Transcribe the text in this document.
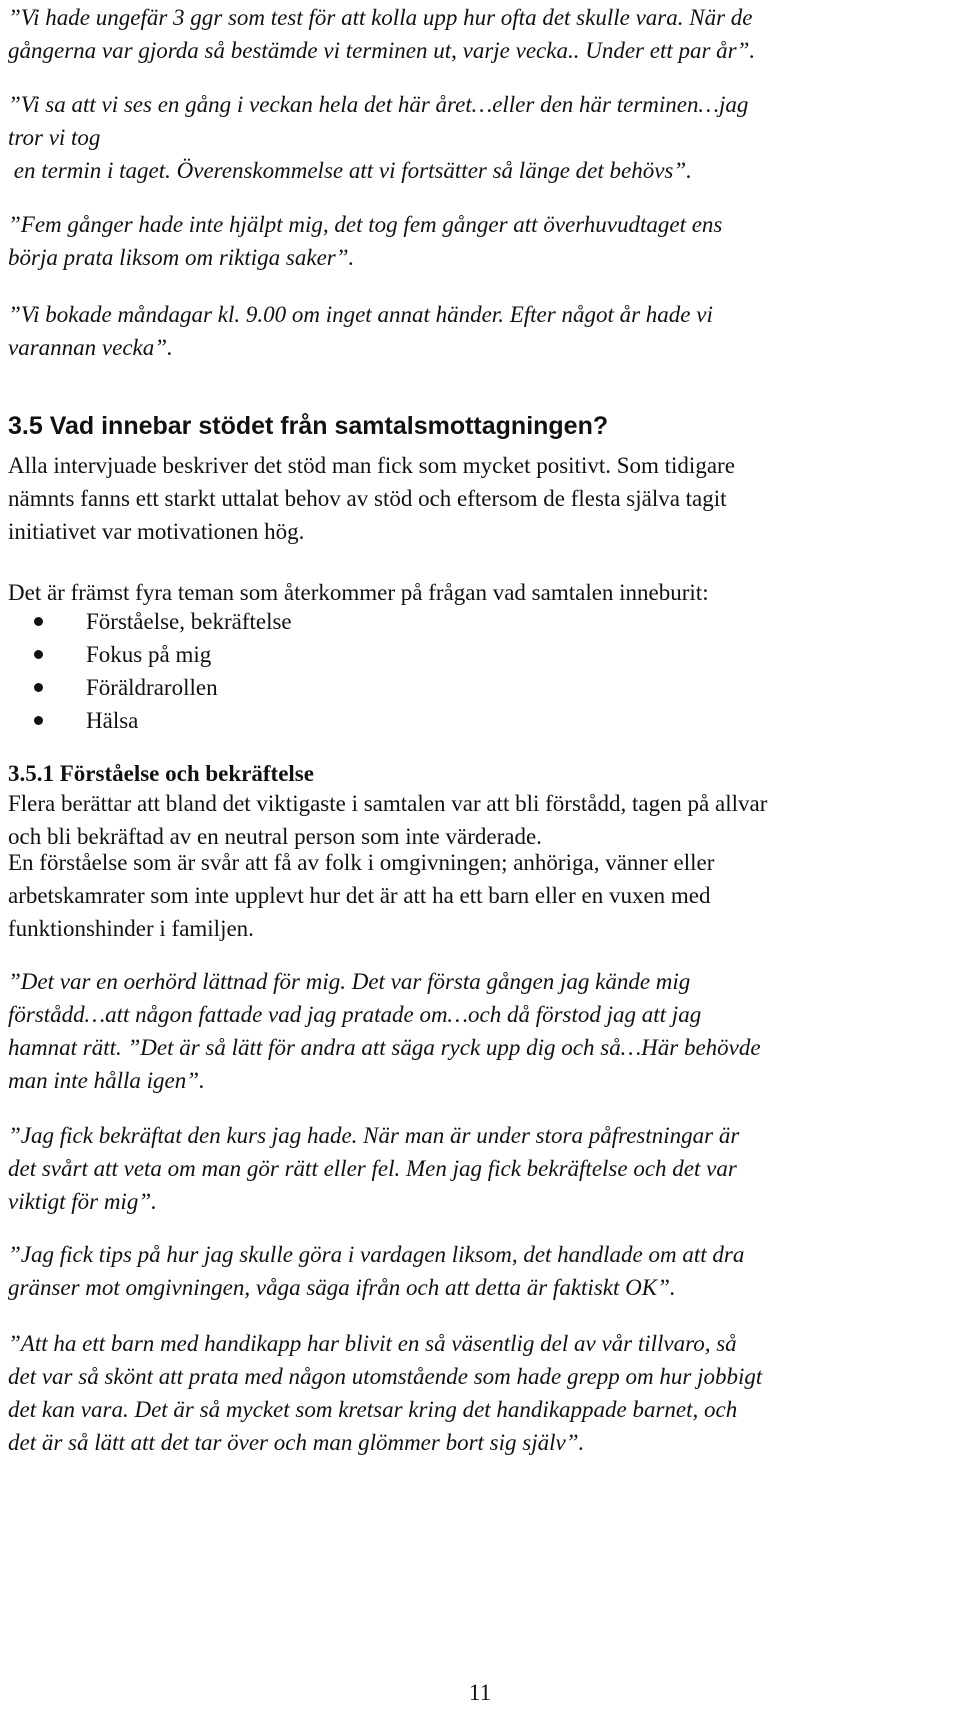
”Vi hade ungefär 3 ggr som test för att kolla upp hur ofta det skulle vara. När de
gångerna var gjorda så bestämde vi terminen ut, varje vecka.. Under ett par år”.

”Vi sa att vi ses en gång i veckan hela det här året…eller den här terminen…jag
tror vi tog
en termin i taget. Överenskommelse att vi fortsätter så länge det behövs”.

”Fem gånger hade inte hjälpt mig, det tog fem gånger att överhuvudtaget ens
börja prata liksom om riktiga saker”.

”Vi bokade måndagar kl. 9.00 om inget annat händer. Efter något år hade vi
varannan vecka”.

3.5 Vad innebar stödet från samtalsmottagningen?

Alla intervjuade beskriver det stöd man fick som mycket positivt. Som tidigare
nämnts fanns ett starkt uttalat behov av stöd och eftersom de flesta själva tagit
initiativet var motivationen hög.

Det är främst fyra teman som återkommer på frågan vad samtalen inneburit:

Förståelse, bekräftelse
Fokus på mig
Föräldrarollen
Hälsa
3.5.1 Förståelse och bekräftelse

Flera berättar att bland det viktigaste i samtalen var att bli förstådd, tagen på allvar
och bli bekräftad av en neutral person som inte värderade.

En förståelse som är svår att få av folk i omgivningen; anhöriga, vänner eller
arbetskamrater som inte upplevt hur det är att ha ett barn eller en vuxen med
funktionshinder i familjen.

”Det var en oerhörd lättnad för mig. Det var första gången jag kände mig
förstådd…att någon fattade vad jag pratade om…och då förstod jag att jag
hamnat rätt. ”Det är så lätt för andra att säga ryck upp dig och så…Här behövde
man inte hålla igen”.

”Jag fick bekräftat den kurs jag hade. När man är under stora påfrestningar är
det svårt att veta om man gör rätt eller fel. Men jag fick bekräftelse och det var
viktigt för mig”.

”Jag fick tips på hur jag skulle göra i vardagen liksom, det handlade om att dra
gränser mot omgivningen, våga säga ifrån och att detta är faktiskt OK”.

”Att ha ett barn med handikapp har blivit en så väsentlig del av vår tillvaro, så
det var så skönt att prata med någon utomstående som hade grepp om hur jobbigt
det kan vara. Det är så mycket som kretsar kring det handikappade barnet, och
det är så lätt att det tar över och man glömmer bort sig själv”.

11
